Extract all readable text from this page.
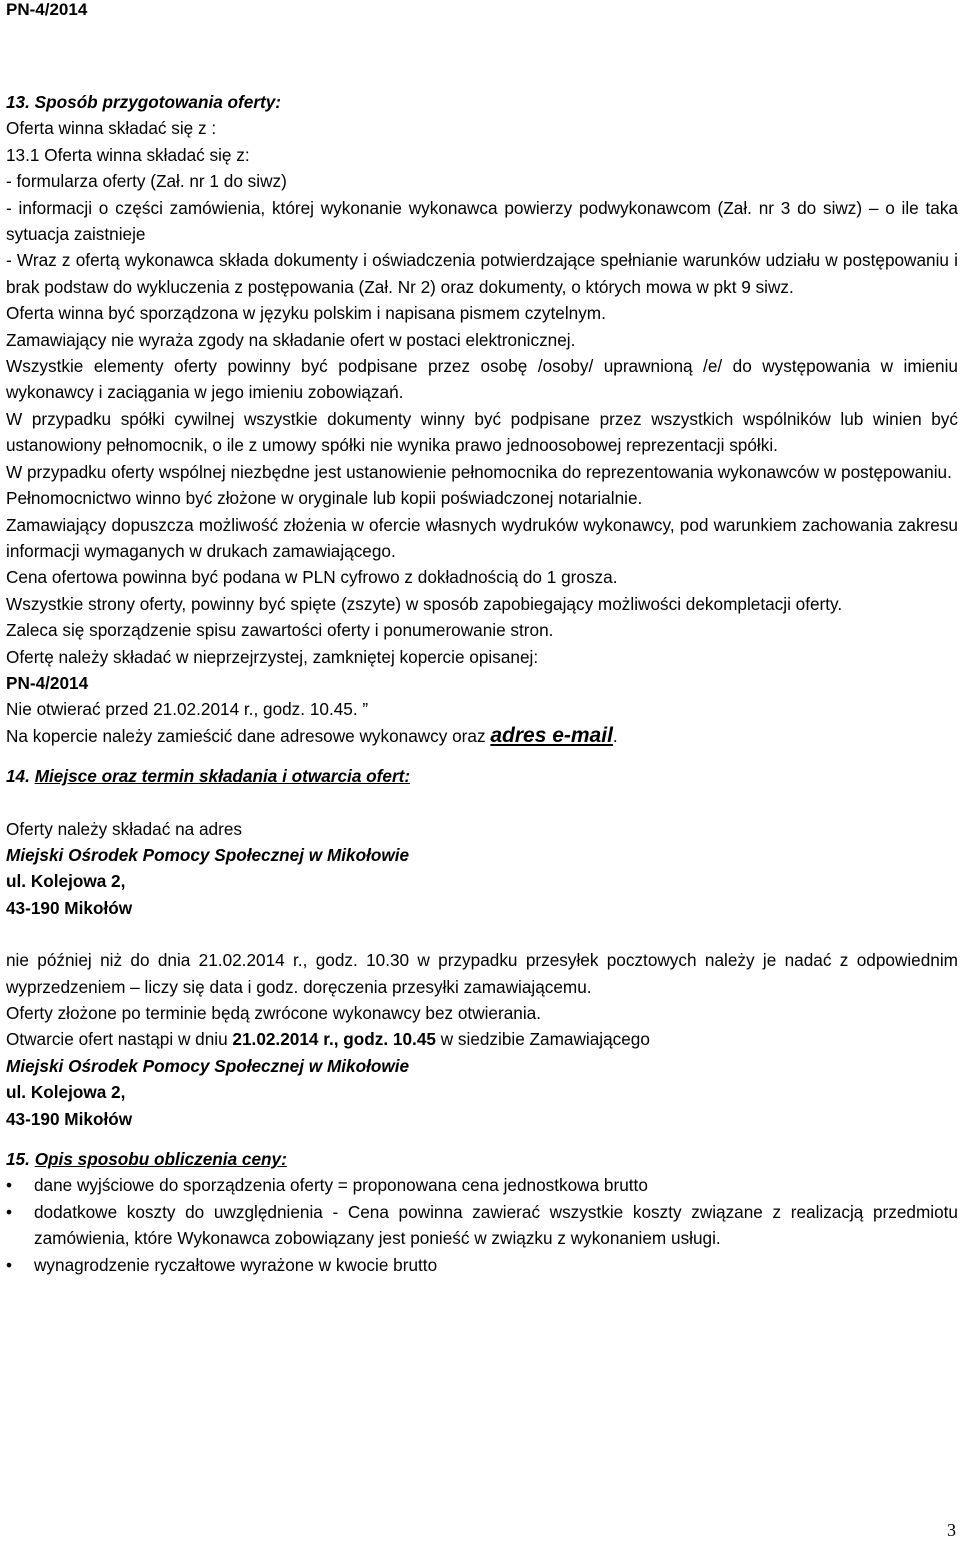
PN-4/2014

13. Sposób przygotowania oferty:

Oferta winna składać się z :

13.1 Oferta winna składać się z:

- formularza oferty (Zał. nr 1 do siwz)

- informacji o części zamówienia, której wykonanie wykonawca powierzy podwykonawcom (Zał. nr 3 do siwz) – o ile taka sytuacja zaistnieje

- Wraz z ofertą wykonawca składa dokumenty i oświadczenia potwierdzające spełnianie warunków udziału w postępowaniu i brak podstaw do wykluczenia z postępowania (Zał. Nr 2) oraz dokumenty, o których mowa w pkt 9 siwz.

Oferta winna być sporządzona w języku polskim i napisana pismem czytelnym.

Zamawiający nie wyraża zgody na składanie ofert w postaci elektronicznej.

Wszystkie elementy oferty powinny być podpisane przez osobę /osoby/ uprawnioną /e/ do występowania w imieniu wykonawcy i zaciągania w jego imieniu zobowiązań.

W przypadku spółki cywilnej wszystkie dokumenty winny być podpisane przez wszystkich wspólników lub winien być ustanowiony pełnomocnik, o ile z umowy spółki nie wynika prawo jednoosobowej reprezentacji spółki.

W przypadku oferty wspólnej niezbędne jest ustanowienie pełnomocnika do reprezentowania wykonawców w postępowaniu.

Pełnomocnictwo winno być złożone w oryginale lub kopii poświadczonej notarialnie.

Zamawiający dopuszcza możliwość złożenia w ofercie własnych wydruków wykonawcy, pod warunkiem zachowania zakresu informacji wymaganych w drukach zamawiającego.

Cena ofertowa powinna być podana w PLN cyfrowo z dokładnością do 1 grosza.

Wszystkie strony oferty, powinny być spięte (zszyte) w sposób zapobiegający możliwości dekompletacji oferty.

Zaleca się sporządzenie spisu zawartości oferty i ponumerowanie stron.

Ofertę należy składać w nieprzejrzystej, zamkniętej kopercie opisanej:

PN-4/2014

Nie otwierać przed 21.02.2014 r., godz. 10.45. ”

Na kopercie należy zamieścić dane adresowe wykonawcy oraz adres e-mail.

14. Miejsce oraz termin składania i otwarcia ofert:

Oferty należy składać na adres

Miejski Ośrodek Pomocy Społecznej w Mikołowie

ul. Kolejowa 2,

43-190 Mikołów

nie później niż do dnia 21.02.2014 r., godz. 10.30 w przypadku przesyłek pocztowych należy je nadać z odpowiednim wyprzedzeniem – liczy się data i godz. doręczenia przesyłki zamawiającemu.

Oferty złożone po terminie będą zwrócone wykonawcy bez otwierania.

Otwarcie ofert nastąpi w dniu 21.02.2014 r., godz. 10.45 w siedzibie Zamawiającego

Miejski Ośrodek Pomocy Społecznej w Mikołowie

ul. Kolejowa 2,

43-190 Mikołów

15. Opis sposobu obliczenia ceny:

• dane wyjściowe do sporządzenia oferty = proponowana cena jednostkowa brutto
• dodatkowe koszty do uwzględnienia - Cena powinna zawierać wszystkie koszty związane z realizacją przedmiotu zamówienia, które Wykonawca zobowiązany jest ponieść w związku z wykonaniem usługi.
• wynagrodzenie ryczałtowe wyrażone w kwocie brutto
3
